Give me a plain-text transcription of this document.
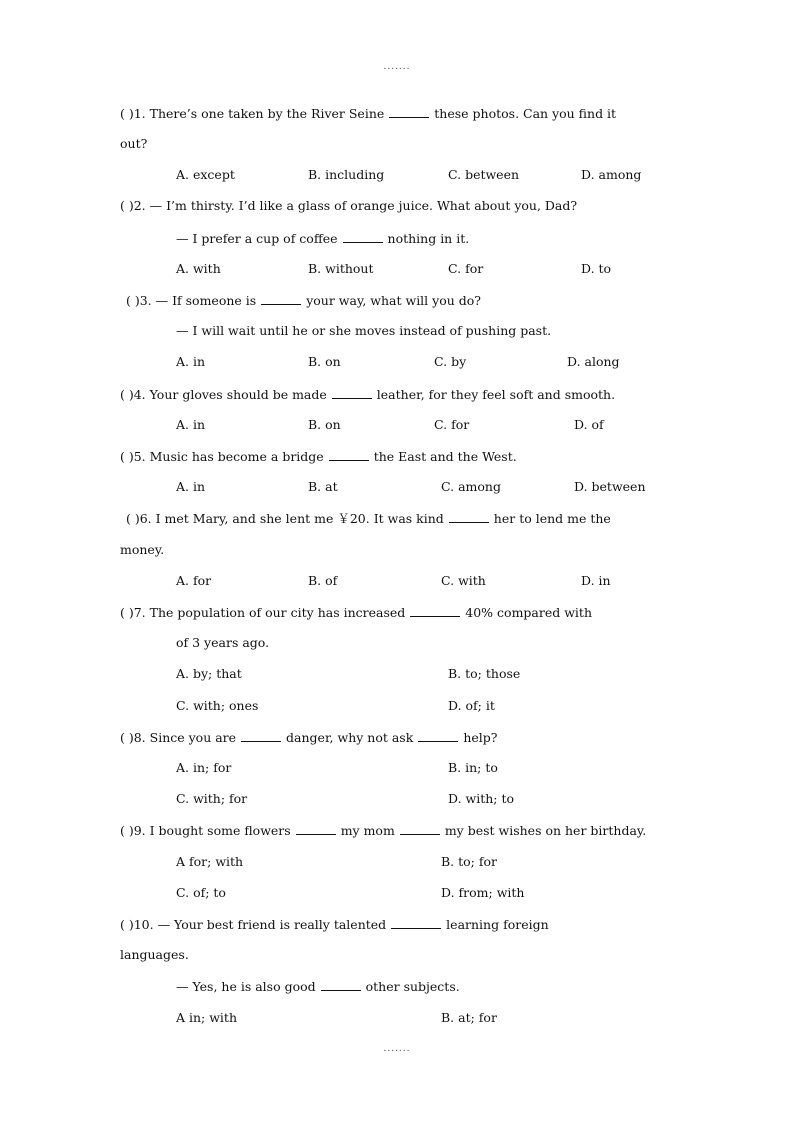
.......
( )1. There’s one taken by the River Seine	these photos. Can you find it
out?
A. except	B. including	C. between	D. among
( )2. — I’m thirsty. I’d like a glass of orange juice. What about you, Dad?
— I prefer a cup of coffee	nothing in it.
A. with	B. without	C. for	D. to
( )3. — If someone is	your way, what will you do?
— I will wait until he or she moves instead of pushing past.
A. in	B. on	C. by	D. along
( )4. Your gloves should be made	leather, for they feel soft and smooth.
A. in	B. on	C. for	D. of
( )5. Music has become a bridge	the East and the West.
A. in	B. at	C. among	D. between
( )6. I met Mary, and she lent me ￥20. It was kind	her to lend me the
money.
A. for	B. of	C. with	D. in
( )7. The population of our city has increased	40% compared with
of 3 years ago.
A. by; that	B. to; those
C. with; ones	D. of; it
( )8. Since you are	danger, why not ask	help?
A. in; for	B. in; to
C. with; for	D. with; to
( )9. I bought some flowers	my mom	my best wishes on her birthday.
A for; with	B. to; for
C. of; to	D. from; with
( )10. — Your best friend is really talented	learning foreign
languages.
— Yes, he is also good	other subjects.
A in; with	B. at; for
.......
